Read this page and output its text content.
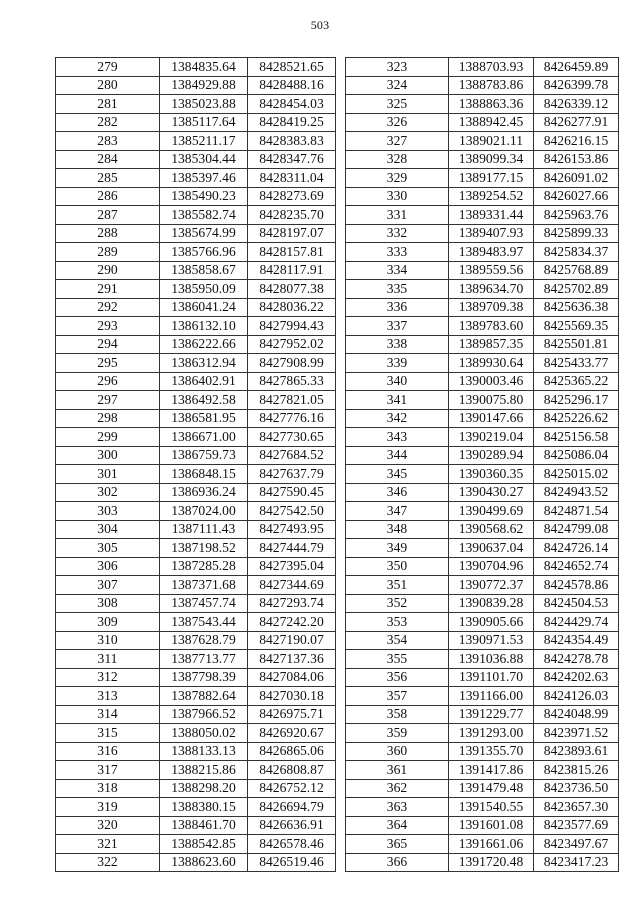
503
279	1384835.64	8428521.65
280	1384929.88	8428488.16
281	1385023.88	8428454.03
282	1385117.64	8428419.25
283	1385211.17	8428383.83
284	1385304.44	8428347.76
285	1385397.46	8428311.04
286	1385490.23	8428273.69
287	1385582.74	8428235.70
288	1385674.99	8428197.07
289	1385766.96	8428157.81
290	1385858.67	8428117.91
291	1385950.09	8428077.38
292	1386041.24	8428036.22
293	1386132.10	8427994.43
294	1386222.66	8427952.02
295	1386312.94	8427908.99
296	1386402.91	8427865.33
297	1386492.58	8427821.05
298	1386581.95	8427776.16
299	1386671.00	8427730.65
300	1386759.73	8427684.52
301	1386848.15	8427637.79
302	1386936.24	8427590.45
303	1387024.00	8427542.50
304	1387111.43	8427493.95
305	1387198.52	8427444.79
306	1387285.28	8427395.04
307	1387371.68	8427344.69
308	1387457.74	8427293.74
309	1387543.44	8427242.20
310	1387628.79	8427190.07
311	1387713.77	8427137.36
312	1387798.39	8427084.06
313	1387882.64	8427030.18
314	1387966.52	8426975.71
315	1388050.02	8426920.67
316	1388133.13	8426865.06
317	1388215.86	8426808.87
318	1388298.20	8426752.12
319	1388380.15	8426694.79
320	1388461.70	8426636.91
321	1388542.85	8426578.46
322	1388623.60	8426519.46
323	1388703.93	8426459.89
324	1388783.86	8426399.78
325	1388863.36	8426339.12
326	1388942.45	8426277.91
327	1389021.11	8426216.15
328	1389099.34	8426153.86
329	1389177.15	8426091.02
330	1389254.52	8426027.66
331	1389331.44	8425963.76
332	1389407.93	8425899.33
333	1389483.97	8425834.37
334	1389559.56	8425768.89
335	1389634.70	8425702.89
336	1389709.38	8425636.38
337	1389783.60	8425569.35
338	1389857.35	8425501.81
339	1389930.64	8425433.77
340	1390003.46	8425365.22
341	1390075.80	8425296.17
342	1390147.66	8425226.62
343	1390219.04	8425156.58
344	1390289.94	8425086.04
345	1390360.35	8425015.02
346	1390430.27	8424943.52
347	1390499.69	8424871.54
348	1390568.62	8424799.08
349	1390637.04	8424726.14
350	1390704.96	8424652.74
351	1390772.37	8424578.86
352	1390839.28	8424504.53
353	1390905.66	8424429.74
354	1390971.53	8424354.49
355	1391036.88	8424278.78
356	1391101.70	8424202.63
357	1391166.00	8424126.03
358	1391229.77	8424048.99
359	1391293.00	8423971.52
360	1391355.70	8423893.61
361	1391417.86	8423815.26
362	1391479.48	8423736.50
363	1391540.55	8423657.30
364	1391601.08	8423577.69
365	1391661.06	8423497.67
366	1391720.48	8423417.23
